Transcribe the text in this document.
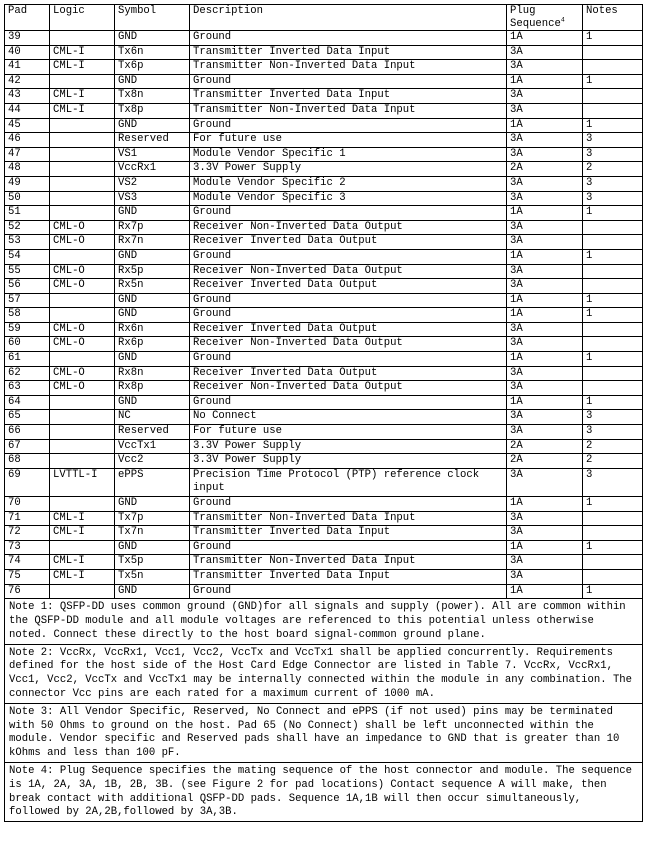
Pad	Logic	Symbol	Description	Plug Sequence$^4$	Notes
39		GND	Ground	1A	1
40	CML-I	Tx6n	Transmitter Inverted Data Input	3A	
41	CML-I	Tx6p	Transmitter Non-Inverted Data Input	3A	
42		GND	Ground	1A	1
43	CML-I	Tx8n	Transmitter Inverted Data Input	3A	
44	CML-I	Tx8p	Transmitter Non-Inverted Data Input	3A	
45		GND	Ground	1A	1
46		Reserved	For future use	3A	3
47		VS1	Module Vendor Specific 1	3A	3
48		VccRx1	3.3V Power Supply	2A	2
49		VS2	Module Vendor Specific 2	3A	3
50		VS3	Module Vendor Specific 3	3A	3
51		GND	Ground	1A	1
52	CML-O	Rx7p	Receiver Non-Inverted Data Output	3A	
53	CML-O	Rx7n	Receiver Inverted Data Output	3A	
54		GND	Ground	1A	1
55	CML-O	Rx5p	Receiver Non-Inverted Data Output	3A	
56	CML-O	Rx5n	Receiver Inverted Data Output	3A	
57		GND	Ground	1A	1
58		GND	Ground	1A	1
59	CML-O	Rx6n	Receiver Inverted Data Output	3A	
60	CML-O	Rx6p	Receiver Non-Inverted Data Output	3A	
61		GND	Ground	1A	1
62	CML-O	Rx8n	Receiver Inverted Data Output	3A	
63	CML-O	Rx8p	Receiver Non-Inverted Data Output	3A	
64		GND	Ground	1A	1
65		NC	No Connect	3A	3
66		Reserved	For future use	3A	3
67		VccTx1	3.3V Power Supply	2A	2
68		Vcc2	3.3V Power Supply	2A	2
69	LVTTL-I	ePPS	Precision Time Protocol (PTP) reference clock input	3A	3
70		GND	Ground	1A	1
71	CML-I	Tx7p	Transmitter Non-Inverted Data Input	3A	
72	CML-I	Tx7n	Transmitter Inverted Data Input	3A	
73		GND	Ground	1A	1
74	CML-I	Tx5p	Transmitter Non-Inverted Data Input	3A	
75	CML-I	Tx5n	Transmitter Inverted Data Input	3A	
76		GND	Ground	1A	1
Note 1: QSFP-DD uses common ground (GND)for all signals and supply (power). All are common within the QSFP-DD module and all module voltages are referenced to this potential unless otherwise noted. Connect these directly to the host board signal-common ground plane.					
Note 2: VccRx, VccRx1, Vcc1, Vcc2, VccTx and VccTx1 shall be applied concurrently. Requirements defined for the host side of the Host Card Edge Connector are listed in Table 7. VccRx, VccRx1, Vcc1, Vcc2, VccTx and VccTx1 may be internally connected within the module in any combination. The connector Vcc pins are each rated for a maximum current of 1000 mA.					
Note 3: All Vendor Specific, Reserved, No Connect and ePPS (if not used) pins may be terminated with 50 Ohms to ground on the host. Pad 65 (No Connect) shall be left unconnected within the module. Vendor specific and Reserved pads shall have an impedance to GND that is greater than 10 kOhms and less than 100 pF.					
Note 4: Plug Sequence specifies the mating sequence of the host connector and module. The sequence is 1A, 2A, 3A, 1B, 2B, 3B. (see Figure 2 for pad locations) Contact sequence A will make, then break contact with additional QSFP-DD pads. Sequence 1A,1B will then occur simultaneously, followed by 2A,2B,followed by 3A,3B.					
